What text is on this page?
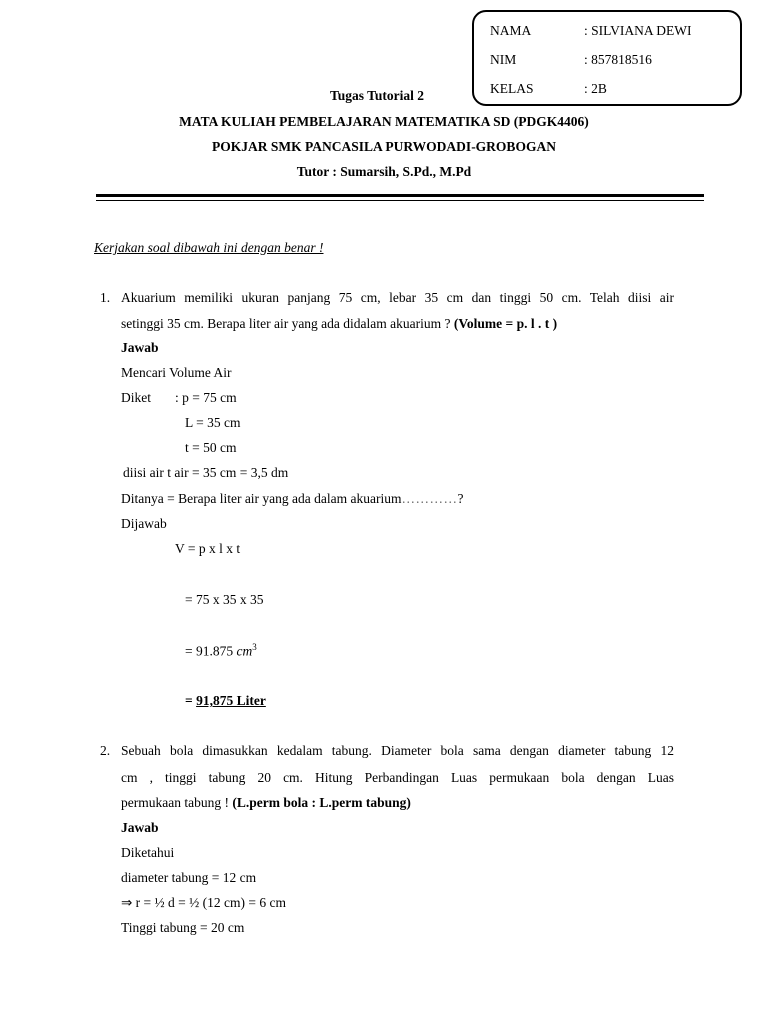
NAMA	: SILVIANA DEWI
NIM	: 857818516
KELAS	: 2B
Tugas Tutorial 2
MATA KULIAH PEMBELAJARAN MATEMATIKA SD (PDGK4406)
POKJAR SMK PANCASILA PURWODADI-GROBOGAN
Tutor : Sumarsih, S.Pd., M.Pd
Kerjakan soal dibawah ini dengan benar !
1. Akuarium memiliki ukuran panjang 75 cm, lebar 35 cm dan tinggi 50 cm. Telah diisi air
setinggi 35 cm. Berapa liter air yang ada didalam akuarium ? (Volume = p. l . t )
Jawab
Mencari Volume Air
Diket : p = 75 cm
L = 35 cm
t = 50 cm
diisi air t air = 35 cm = 3,5 dm
Ditanya = Berapa liter air yang ada dalam akuarium…………?
Dijawab
V = p x l x t
= 75 x 35 x 35
= 91.875 $cm^3$
= 91,875 Liter
2. Sebuah bola dimasukkan kedalam tabung. Diameter bola sama dengan diameter tabung 12
cm , tinggi tabung 20 cm. Hitung Perbandingan Luas permukaan bola dengan Luas
permukaan tabung ! (L.perm bola : L.perm tabung)
Jawab
Diketahui
diameter tabung = 12 cm
⇒ r = ½ d = ½ (12 cm) = 6 cm
Tinggi tabung = 20 cm
